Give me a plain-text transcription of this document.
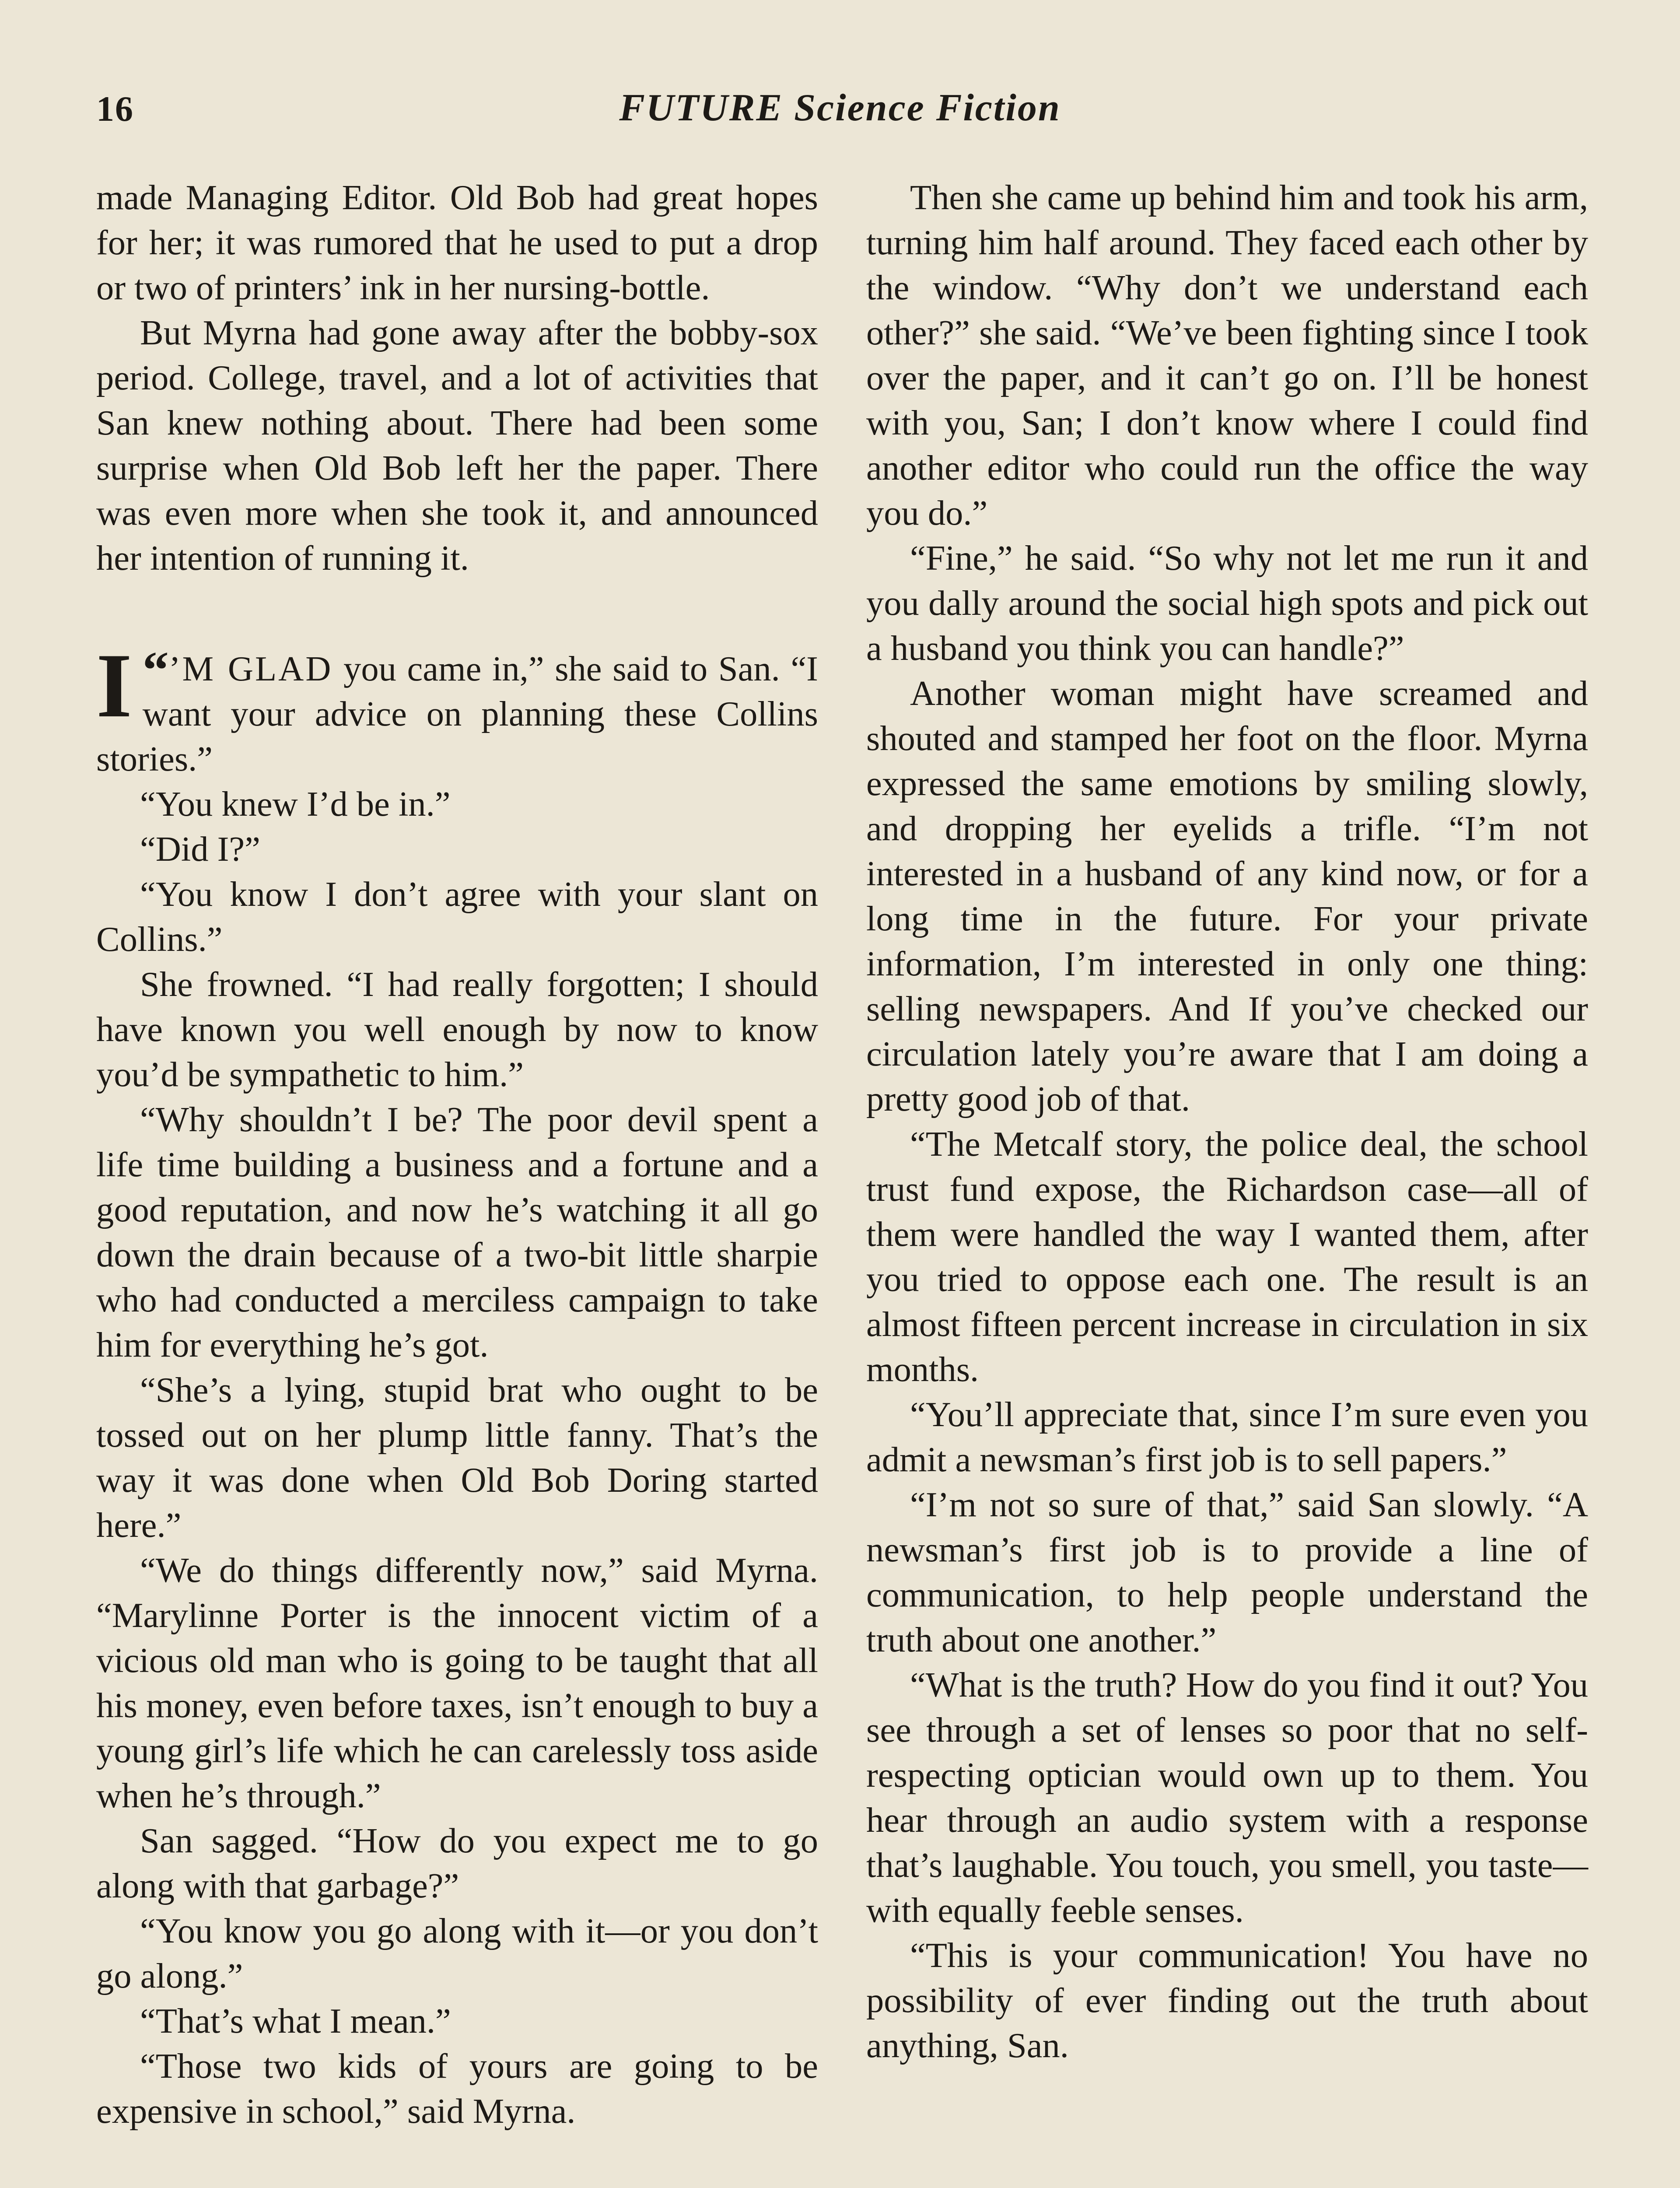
16	FUTURE Science Fiction

made Managing Editor. Old Bob had great hopes for her; it was rumored that he used to put a drop or two of printers’ ink in her nursing-bottle.

But Myrna had gone away after the bobby-sox period. College, travel, and a lot of activities that San knew nothing about. There had been some surprise when Old Bob left her the paper. There was even more when she took it, and announced her intention of running it.

“
I ’M GLAD you came in,” she said to San. “I want your advice on planning these Collins stories.”

“You knew I’d be in.”

“Did I?”

“You know I don’t agree with your slant on Collins.”

She frowned. “I had really forgotten; I should have known you well enough by now to know you’d be sympathetic to him.”

“Why shouldn’t I be? The poor devil spent a life time building a business and a fortune and a good reputation, and now he’s watching it all go down the drain because of a two-bit little sharpie who had conducted a merciless campaign to take him for everything he’s got.

“She’s a lying, stupid brat who ought to be tossed out on her plump little fanny. That’s the way it was done when Old Bob Doring started here.”

“We do things differently now,” said Myrna. “Marylinne Porter is the innocent victim of a vicious old man who is going to be taught that all his money, even before taxes, isn’t enough to buy a young girl’s life which he can carelessly toss aside when he’s through.”

San sagged. “How do you expect me to go along with that garbage?”

“You know you go along with it—or you don’t go along.”

“That’s what I mean.”

“Those two kids of yours are going to be expensive in school,” said Myrna.

Then she came up behind him and took his arm, turning him half around. They faced each other by the window. “Why don’t we understand each other?” she said. “We’ve been fighting since I took over the paper, and it can’t go on. I’ll be honest with you, San; I don’t know where I could find another editor who could run the office the way you do.”

“Fine,” he said. “So why not let me run it and you dally around the social high spots and pick out a husband you think you can handle?”

Another woman might have screamed and shouted and stamped her foot on the floor. Myrna expressed the same emotions by smiling slowly, and dropping her eyelids a trifle. “I’m not interested in a husband of any kind now, or for a long time in the future. For your private information, I’m interested in only one thing: selling newspapers. And If you’ve checked our circulation lately you’re aware that I am doing a pretty good job of that.

“The Metcalf story, the police deal, the school trust fund expose, the Richardson case—all of them were handled the way I wanted them, after you tried to oppose each one. The result is an almost fifteen percent increase in circulation in six months.

“You’ll appreciate that, since I’m sure even you admit a newsman’s first job is to sell papers.”

“I’m not so sure of that,” said San slowly. “A newsman’s first job is to provide a line of communication, to help people understand the truth about one another.”

“What is the truth? How do you find it out? You see through a set of lenses so poor that no self-respecting optician would own up to them. You hear through an audio system with a response that’s laughable. You touch, you smell, you taste—with equally feeble senses.

“This is your communication! You have no possibility of ever finding out the truth about anything, San.
